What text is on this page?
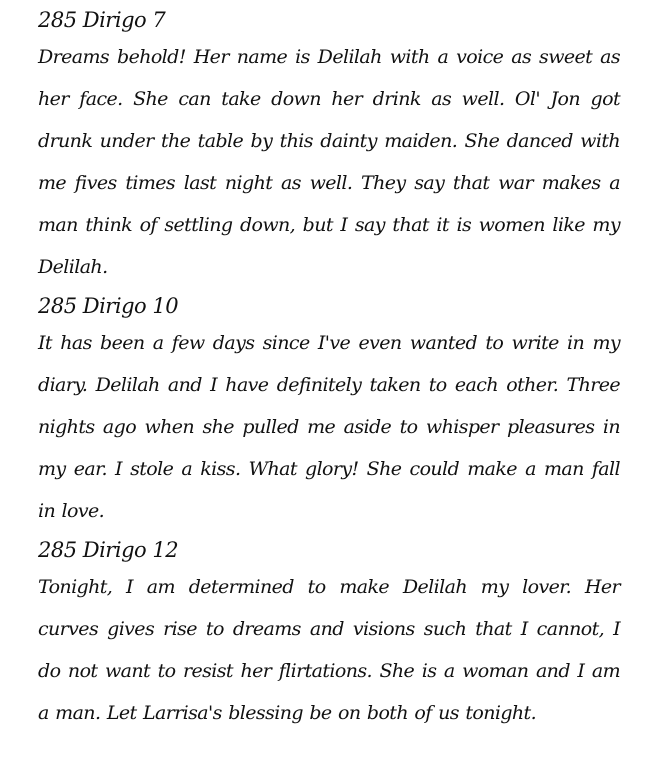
285 Dirigo 7
Dreams behold! Her name is Delilah with a voice as sweet as her face. She can take down her drink as well. Ol' Jon got drunk under the table by this dainty maiden. She danced with me fives times last night as well. They say that war makes a man think of settling down, but I say that it is women like my Delilah.
285 Dirigo 10
It has been a few days since I've even wanted to write in my diary. Delilah and I have definitely taken to each other. Three nights ago when she pulled me aside to whisper pleasures in my ear. I stole a kiss. What glory! She could make a man fall in love.
285 Dirigo 12
Tonight, I am determined to make Delilah my lover. Her curves gives rise to dreams and visions such that I cannot, I do not want to resist her flirtations. She is a woman and I am a man. Let Larrisa's blessing be on both of us tonight.
